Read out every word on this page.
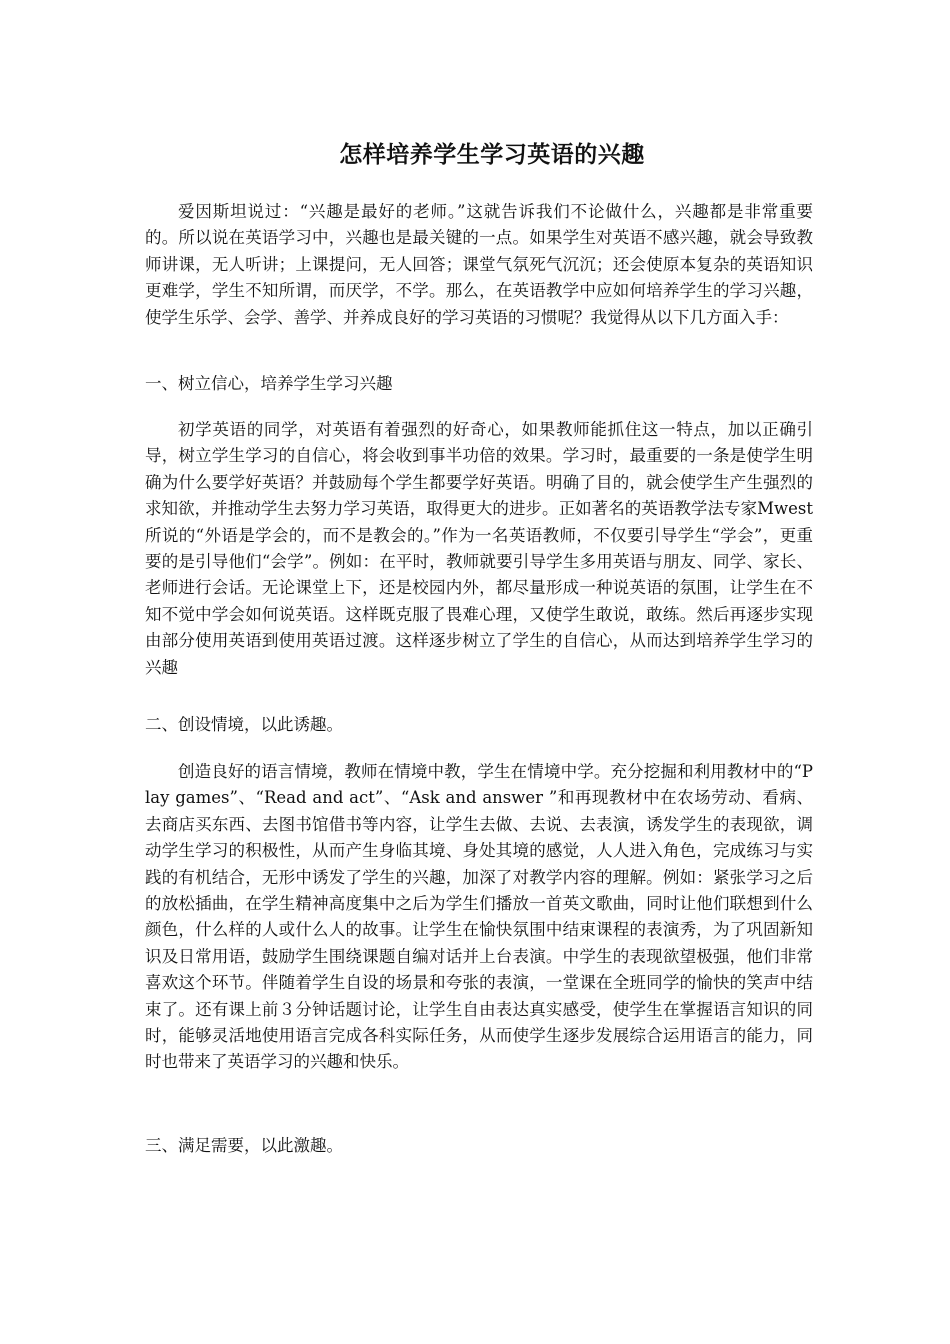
怎样培养学生学习英语的兴趣

爱因斯坦说过：“兴趣是最好的老师。”这就告诉我们不论做什么，兴趣都是非常重要的。所以说在英语学习中，兴趣也是最关键的一点。如果学生对英语不感兴趣，就会导致教师讲课，无人听讲；上课提问，无人回答；课堂气氛死气沉沉；还会使原本复杂的英语知识更难学，学生不知所谓，而厌学，不学。那么，在英语教学中应如何培养学生的学习兴趣，使学生乐学、会学、善学、并养成良好的学习英语的习惯呢？我觉得从以下几方面入手：

一、树立信心，培养学生学习兴趣

初学英语的同学，对英语有着强烈的好奇心，如果教师能抓住这一特点，加以正确引导，树立学生学习的自信心，将会收到事半功倍的效果。学习时，最重要的一条是使学生明确为什么要学好英语？并鼓励每个学生都要学好英语。明确了目的，就会使学生产生强烈的求知欲，并推动学生去努力学习英语，取得更大的进步。正如著名的英语教学法专家Mwest所说的“外语是学会的，而不是教会的。”作为一名英语教师，不仅要引导学生“学会”，更重要的是引导他们“会学”。例如：在平时，教师就要引导学生多用英语与朋友、同学、家长、老师进行会话。无论课堂上下，还是校园内外，都尽量形成一种说英语的氛围，让学生在不知不觉中学会如何说英语。这样既克服了畏难心理，又使学生敢说，敢练。然后再逐步实现由部分使用英语到使用英语过渡。这样逐步树立了学生的自信心，从而达到培养学生学习的兴趣

二、创设情境，以此诱趣。

创造良好的语言情境，教师在情境中教，学生在情境中学。充分挖掘和利用教材中的“Play games”、“Read and act”、“Ask and answer ”和再现教材中在农场劳动、看病、去商店买东西、去图书馆借书等内容，让学生去做、去说、去表演，诱发学生的表现欲，调动学生学习的积极性，从而产生身临其境、身处其境的感觉，人人进入角色，完成练习与实践的有机结合，无形中诱发了学生的兴趣，加深了对教学内容的理解。例如：紧张学习之后的放松插曲，在学生精神高度集中之后为学生们播放一首英文歌曲，同时让他们联想到什么颜色，什么样的人或什么人的故事。让学生在愉快氛围中结束课程的表演秀，为了巩固新知识及日常用语，鼓励学生围绕课题自编对话并上台表演。中学生的表现欲望极强，他们非常喜欢这个环节。伴随着学生自设的场景和夸张的表演，一堂课在全班同学的愉快的笑声中结束了。还有课上前３分钟话题讨论，让学生自由表达真实感受，使学生在掌握语言知识的同时，能够灵活地使用语言完成各科实际任务，从而使学生逐步发展综合运用语言的能力，同时也带来了英语学习的兴趣和快乐。

三、满足需要，以此激趣。
